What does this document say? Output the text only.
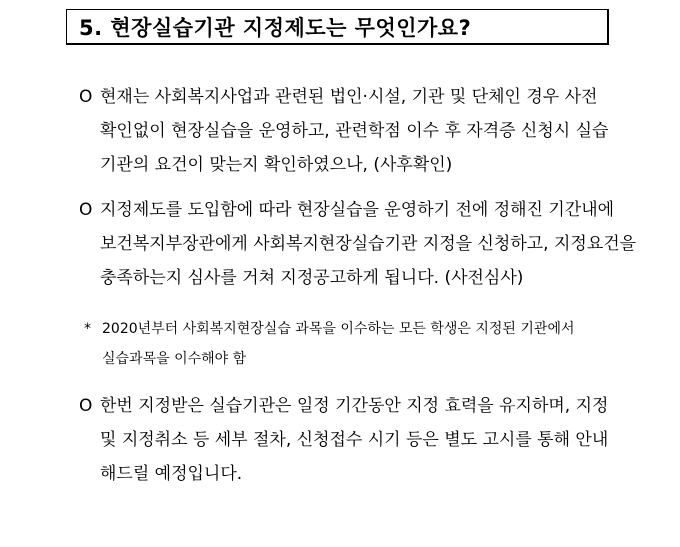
5. 현장실습기관 지정제도는 무엇인가요?
O 현재는 사회복지사업과 관련된 법인·시설, 기관 및 단체인 경우 사전
확인없이 현장실습을 운영하고, 관련학점 이수 후 자격증 신청시 실습
기관의 요건이 맞는지 확인하였으나, (사후확인)
O 지정제도를 도입함에 따라 현장실습을 운영하기 전에 정해진 기간내에
보건복지부장관에게 사회복지현장실습기관 지정을 신청하고, 지정요건을
충족하는지 심사를 거쳐 지정공고하게 됩니다. (사전심사)
* 2020년부터 사회복지현장실습 과목을 이수하는 모든 학생은 지정된 기관에서
실습과목을 이수해야 함
O 한번 지정받은 실습기관은 일정 기간동안 지정 효력을 유지하며, 지정
및 지정취소 등 세부 절차, 신청접수 시기 등은 별도 고시를 통해 안내
해드릴 예정입니다.
